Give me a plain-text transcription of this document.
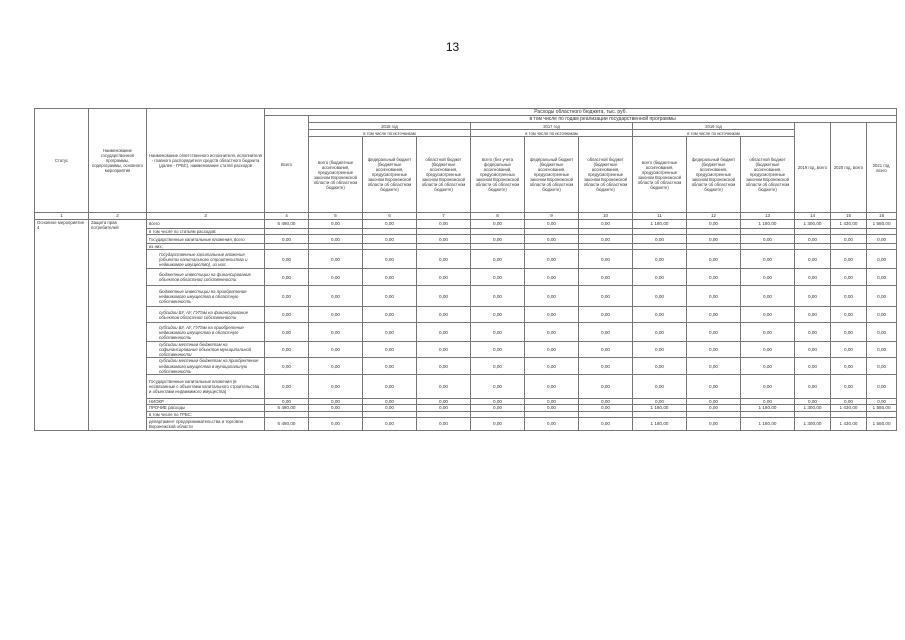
13
Статус	Наименование государственной программы, подпрограммы, основного мероприятия	Наименование ответственного исполнителя, исполнителя - главного распорядителя средств областного бюджета (далее - ГРБС), наименование статей расходов	Расходы областного бюджета, тыс. руб.												
			Всего	в том числе по годам реализации государственной программы											
				2018 год			2017 год			2019 год			2019 год, всего	2020 год, всего	2021 год, всего
				в том числе по источникам			в том числе по источникам			в том числе по источникам					
				всего (бюджетные ассигнования, предусмотренные законом Воронежской области об областном бюджете)	федеральный бюджет (бюджетные ассигнования, предусмотренные законом Воронежской области об областном бюджете)	областной бюджет (бюджетные ассигнования, предусмотренные законом Воронежской области об областном бюджете)	всего (без учета федеральных ассигнований, предусмотренных законом Воронежской области об областном бюджете)	федеральный бюджет (бюджетные ассигнования, предусмотренные законом Воронежской области об областном бюджете)	областной бюджет (бюджетные ассигнования, предусмотренные законом Воронежской области об областном бюджете)	всего (бюджетные ассигнования, предусмотренные законом Воронежской области об областном бюджете)	федеральный бюджет (бюджетные ассигнования, предусмотренные законом Воронежской области об областном бюджете)	областной бюджет (бюджетные ассигнования, предусмотренные законом Воронежской области об областном бюджете)			
1	2	3	4	5	6	7	8	9	10	11	12	13	14	15	16
Основное мероприятие 4	Защита прав потребителей	всего	5 490,00	0,00	0,00	0,00	0,00	0,00	0,00	1 180,00	0,00	1 180,00	1 300,00	1 430,00	1 580,00
		в том числе по статьям расходов:													
		Государственные капитальные вложения, всего	0,00	0,00	0,00	0,00	0,00	0,00	0,00	0,00	0,00	0,00	0,00	0,00	0,00
		из них:													
		Государственные капитальные вложения (объекты капитального строительства и недвижимое имущество), из них:	0,00	0,00	0,00	0,00	0,00	0,00	0,00	0,00	0,00	0,00	0,00	0,00	0,00
		бюджетные инвестиции на финансирование объектов областной собственности	0,00	0,00	0,00	0,00	0,00	0,00	0,00	0,00	0,00	0,00	0,00	0,00	0,00
		бюджетные инвестиции на приобретение недвижимого имущества в областную собственность	0,00	0,00	0,00	0,00	0,00	0,00	0,00	0,00	0,00	0,00	0,00	0,00	0,00
		субсидии БУ, АУ, ГУПам на финансирование объектов областной собственности	0,00	0,00	0,00	0,00	0,00	0,00	0,00	0,00	0,00	0,00	0,00	0,00	0,00
		субсидии БУ, АУ, ГУПам на приобретение недвижимого имущества в областную собственность	0,00	0,00	0,00	0,00	0,00	0,00	0,00	0,00	0,00	0,00	0,00	0,00	0,00
		субсидии местным бюджетам на софинансирование объектов муниципальной собственности	0,00	0,00	0,00	0,00	0,00	0,00	0,00	0,00	0,00	0,00	0,00	0,00	0,00
		субсидии местным бюджетам на приобретение недвижимого имущества в муниципальную собственность	0,00	0,00	0,00	0,00	0,00	0,00	0,00	0,00	0,00	0,00	0,00	0,00	0,00
		Государственные капитальные вложения (в несвязанные с объектами капитального строительства и объектами недвижимого имущества)	0,00	0,00	0,00	0,00	0,00	0,00	0,00	0,00	0,00	0,00	0,00	0,00	0,00
		НИОКР	0,00	0,00	0,00	0,00	0,00	0,00	0,00	0,00	0,00	0,00	0,00	0,00	0,00
		ПРОЧИЕ расходы	5 490,00	0,00	0,00	0,00	0,00	0,00	0,00	1 180,00	0,00	1 180,00	1 300,00	1 430,00	1 580,00
		в том числе по ГРБС:													
		департамент предпринимательства и торговли Воронежской области	5 490,00	0,00	0,00	0,00	0,00	0,00	0,00	1 180,00	0,00	1 180,00	1 300,00	1 430,00	1 580,00
